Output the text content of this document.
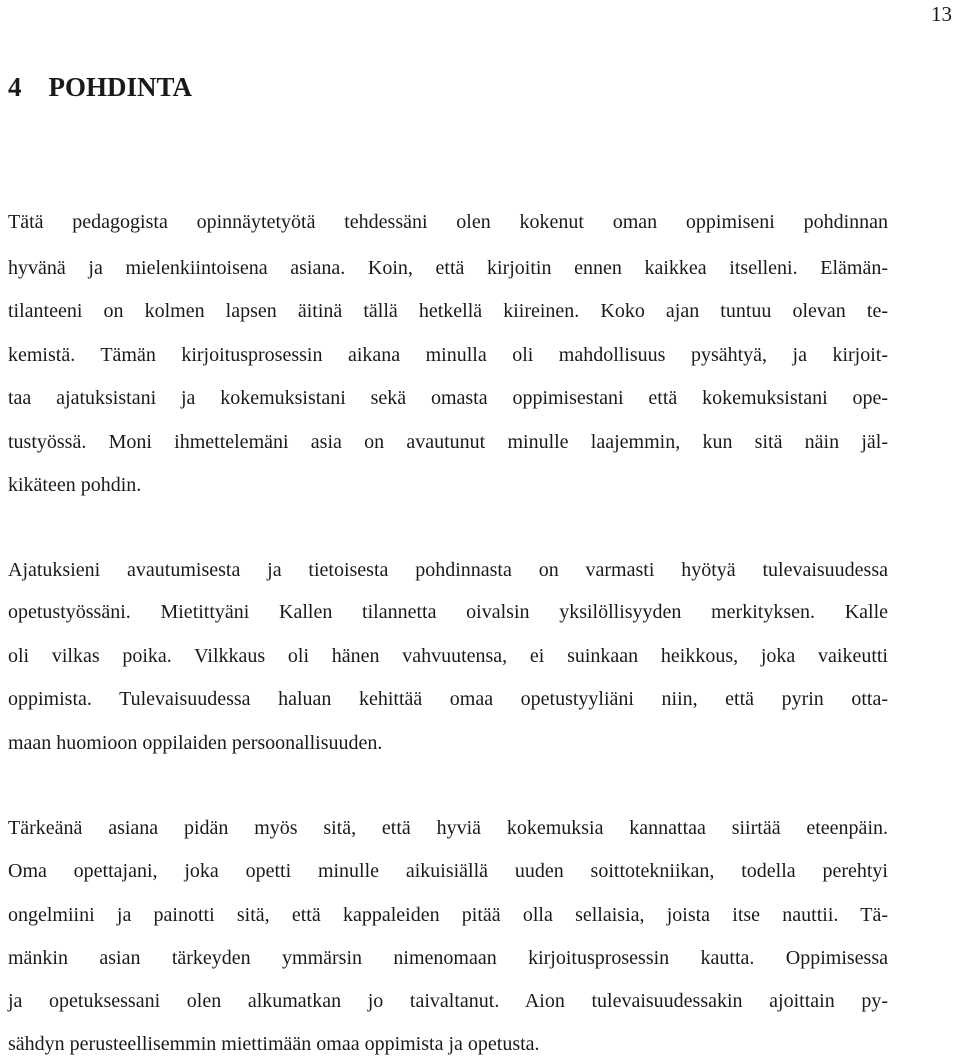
13
4    POHDINTA
Tätä pedagogista opinnäytetyötä tehdessäni olen kokenut oman oppimiseni pohdinnan
hyvänä ja mielenkiintoisena asiana. Koin, että kirjoitin ennen kaikkea itselleni. Elämän-
tilanteeni on kolmen lapsen äitinä tällä hetkellä kiireinen. Koko ajan tuntuu olevan te-
kemistä. Tämän kirjoitusprosessin aikana minulla oli mahdollisuus pysähtyä, ja kirjoit-
taa ajatuksistani ja kokemuksistani sekä omasta oppimisestani että kokemuksistani ope-
tustyössä. Moni ihmettelemäni asia on avautunut minulle laajemmin, kun sitä näin jäl-
kikäteen pohdin.
Ajatuksieni avautumisesta ja tietoisesta pohdinnasta on varmasti hyötyä tulevaisuudessa
opetustyössäni. Mietittyäni Kallen tilannetta oivalsin yksilöllisyyden merkityksen. Kalle
oli vilkas poika. Vilkkaus oli hänen vahvuutensa, ei suinkaan heikkous, joka vaikeutti
oppimista. Tulevaisuudessa haluan kehittää omaa opetustyyliäni niin, että pyrin otta-
maan huomioon oppilaiden persoonallisuuden.
Tärkeänä asiana pidän myös sitä, että hyviä kokemuksia kannattaa siirtää eteenpäin.
Oma opettajani, joka opetti minulle aikuisiällä uuden soittotekniikan, todella perehtyi
ongelmiini ja painotti sitä, että kappaleiden pitää olla sellaisia, joista itse nauttii. Tä-
mänkin asian tärkeyden ymmärsin nimenomaan kirjoitusprosessin kautta. Oppimisessa
ja opetuksessani olen alkumatkan jo taivaltanut. Aion tulevaisuudessakin ajoittain py-
sähdyn perusteellisemmin miettimään omaa oppimista ja opetusta.
